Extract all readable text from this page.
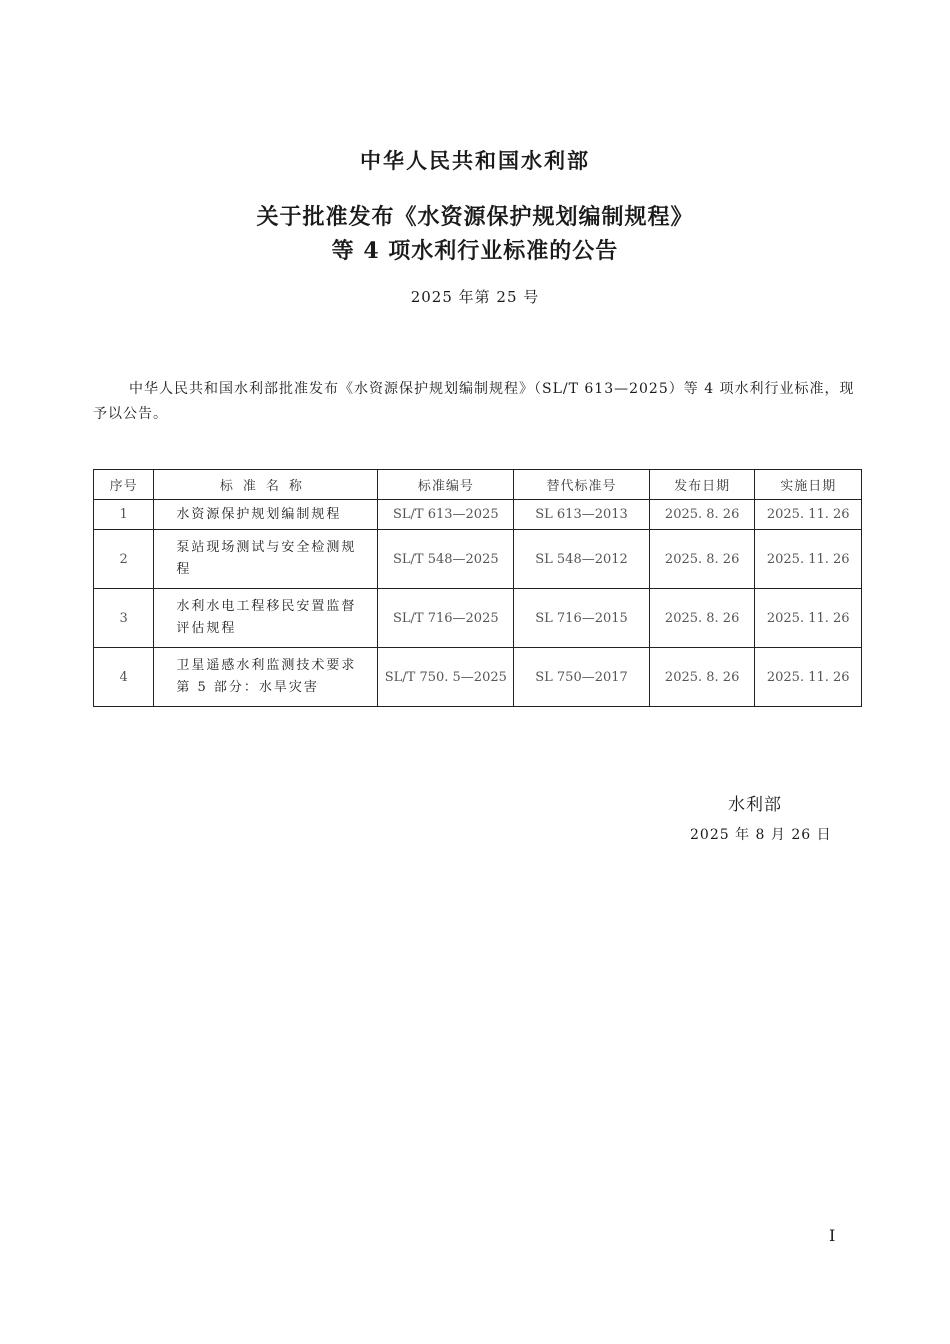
中华人民共和国水利部
关于批准发布《水资源保护规划编制规程》
等 4 项水利行业标准的公告
2025 年第 25 号

中华人民共和国水利部批准发布《水资源保护规划编制规程》（SL/T 613—2025）等 4 项水利行业标准，现予以公告。

序号	标准名称	标准编号	替代标准号	发布日期	实施日期
1	水资源保护规划编制规程	SL/T 613—2025	SL 613—2013	2025. 8. 26	2025. 11. 26
2	泵站现场测试与安全检测规程	SL/T 548—2025	SL 548—2012	2025. 8. 26	2025. 11. 26
3	水利水电工程移民安置监督评估规程	SL/T 716—2025	SL 716—2015	2025. 8. 26	2025. 11. 26
4	卫星遥感水利监测技术要求 第 5 部分：水旱灾害	SL/T 750. 5—2025	SL 750—2017	2025. 8. 26	2025. 11. 26
水利部
2025 年 8 月 26 日
I
